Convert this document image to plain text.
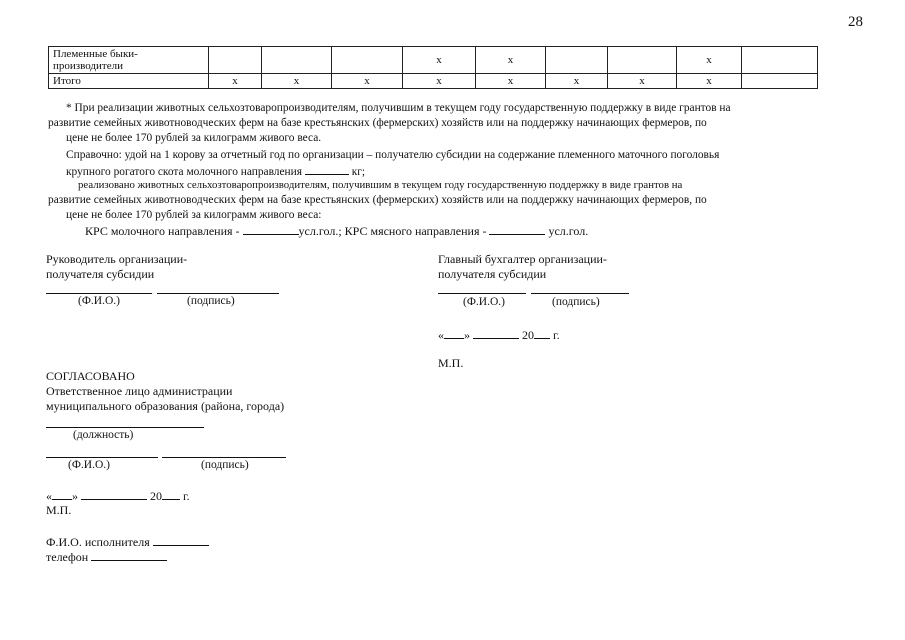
28
Племенные быки-
производители				х	х			х	
Итого	х	х	х	х	х	х	х	х	
* При реализации животных сельхозтоваропроизводителям, получившим в текущем году государственную поддержку в виде грантов на
развитие семейных животноводческих ферм на базе крестьянских (фермерских) хозяйств или на поддержку начинающих фермеров, по
цене не более 170 рублей за килограмм живого веса.
Справочно: удой на 1 корову за отчетный год по организации – получателю субсидии на содержание племенного маточного поголовья
крупного рогатого скота молочного направления	кг;
реализовано животных сельхозтоваропроизводителям, получившим в текущем году государственную поддержку в виде грантов на
развитие семейных животноводческих ферм на базе крестьянских (фермерских) хозяйств или на поддержку начинающих фермеров, по
цене не более 170 рублей за килограмм живого веса:
КРС молочного направления -	усл.гол.; КРС мясного направления -	усл.гол.
Руководитель организации-
получателя субсидии
(Ф.И.О.)	(подпись)
Главный бухгалтер организации-
получателя субсидии
(Ф.И.О.)	(подпись)
« »	20 г.
М.П.
СОГЛАСОВАНО
Ответственное лицо администрации
муниципального образования (района, города)
(должность)
(Ф.И.О.)	(подпись)
« »	20 г.
М.П.
Ф.И.О. исполнителя
телефон
